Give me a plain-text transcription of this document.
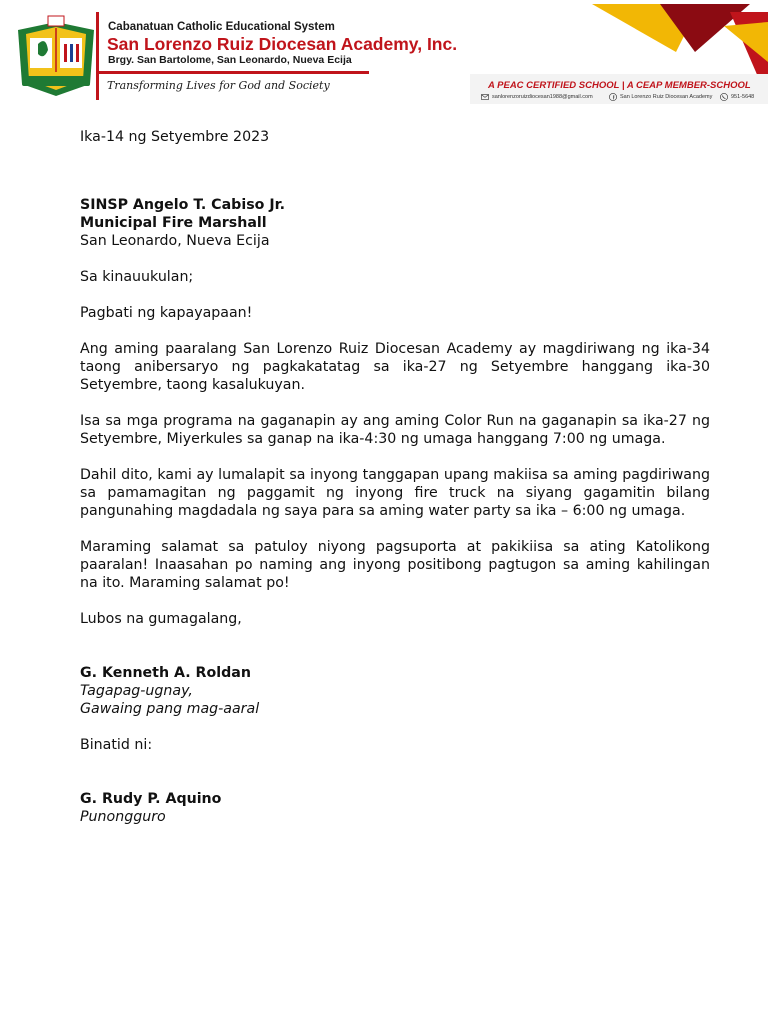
Cabanatuan Catholic Educational System
San Lorenzo Ruiz Diocesan Academy, Inc.
Brgy. San Bartolome, San Leonardo, Nueva Ecija
Transforming Lives for God and Society	A PEAC CERTIFIED SCHOOL | A CEAP MEMBER-SCHOOL
sanlorenzoruizdiocesan1988@gmail.com	San Lorenzo Ruiz Diocesan Academy	951-5648

Ika-14 ng Setyembre 2023

SINSP Angelo T. Cabiso Jr.

Municipal Fire Marshall

San Leonardo, Nueva Ecija

Sa kinauukulan;

Pagbati ng kapayapaan!

Ang aming paaralang San Lorenzo Ruiz Diocesan Academy ay magdiriwang ng ika-34 taong anibersaryo ng pagkakatatag sa ika-27 ng Setyembre hanggang ika-30 Setyembre, taong kasalukuyan.

Isa sa mga programa na gaganapin ay ang aming Color Run na gaganapin sa ika-27 ng Setyembre, Miyerkules sa ganap na ika-4:30 ng umaga hanggang 7:00 ng umaga.

Dahil dito, kami ay lumalapit sa inyong tanggapan upang makiisa sa aming pagdiriwang sa pamamagitan ng paggamit ng inyong fire truck na siyang gagamitin bilang pangunahing magdadala ng saya para sa aming water party sa ika – 6:00 ng umaga.

Maraming salamat sa patuloy niyong pagsuporta at pakikiisa sa ating Katolikong paaralan! Inaasahan po naming ang inyong positibong pagtugon sa aming kahilingan na ito. Maraming salamat po!

Lubos na gumagalang,

G. Kenneth A. Roldan

Tagapag-ugnay,

Gawaing pang mag-aaral

Binatid ni:

G. Rudy P. Aquino

Punongguro
